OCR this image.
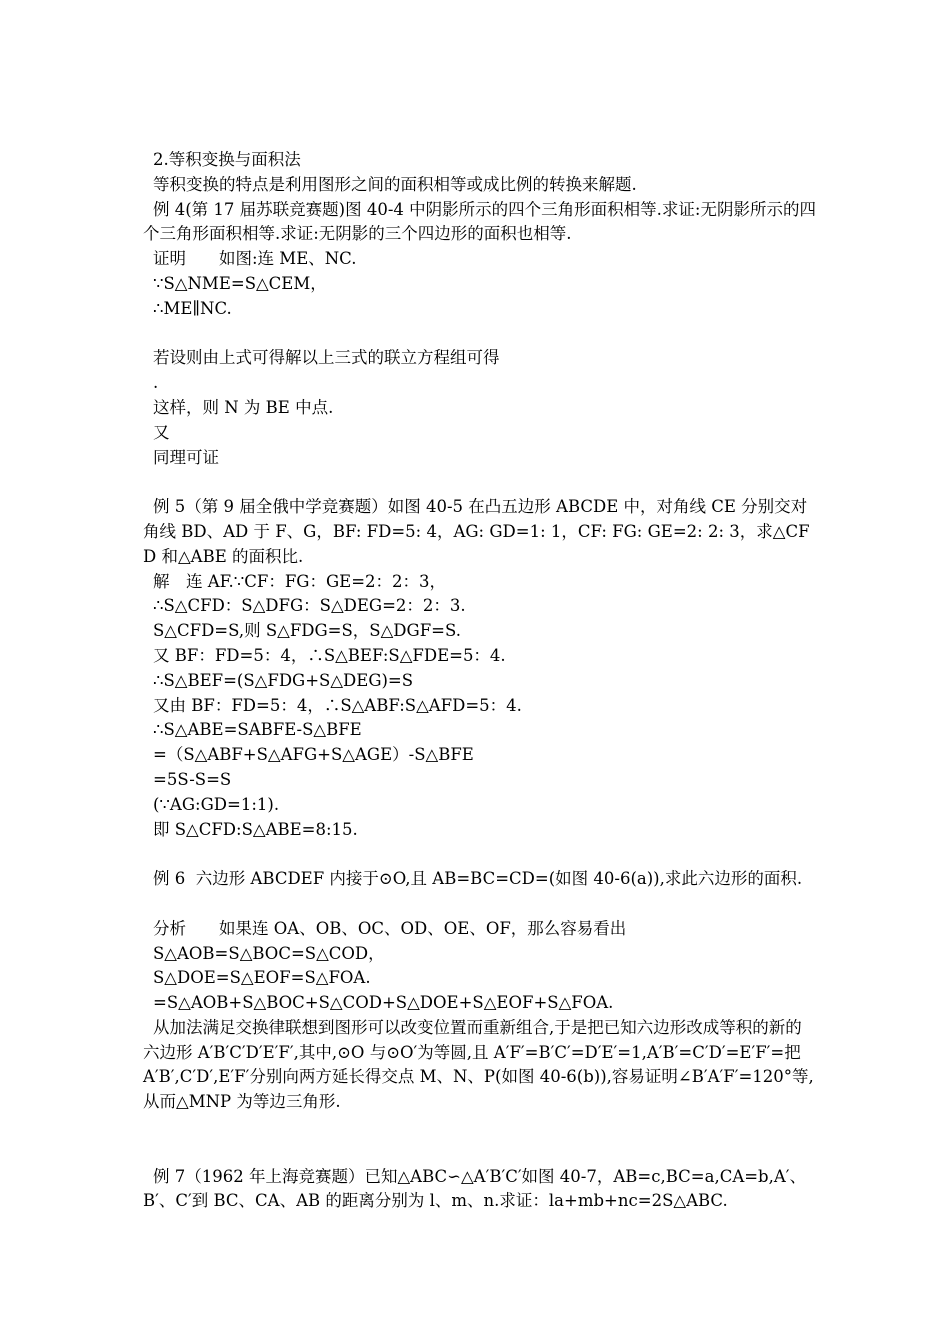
2.等积变换与面积法
等积变换的特点是利用图形之间的面积相等或成比例的转换来解题.
例 4(第 17 届苏联竞赛题)图 40-4 中阴影所示的四个三角形面积相等.求证:无阴影所示的四个三角形面积相等.求证:无阴影的三个四边形的面积也相等.
证明　　如图:连 ME、NC.
∵S△NME=S△CEM，
∴ME∥NC.
若设则由上式可得解以上三式的联立方程组可得
.
这样，则 N 为 BE 中点.
又
同理可证
例 5（第 9 届全俄中学竞赛题）如图 40-5 在凸五边形 ABCDE 中，对角线 CE 分别交对角线 BD、AD 于 F、G，BF: FD=5: 4，AG: GD=1: 1，CF: FG: GE=2: 2: 3，求△CFD 和△ABE 的面积比.
解　连 AF.∵CF：FG：GE=2：2：3，
∴S△CFD：S△DFG：S△DEG=2：2：3.
S△CFD=S,则 S△FDG=S，S△DGF=S.
又 BF：FD=5：4，∴S△BEF:S△FDE=5：4.
∴S△BEF=(S△FDG+S△DEG)=S
又由 BF：FD=5：4，∴S△ABF:S△AFD=5：4.
∴S△ABE=SABFE-S△BFE
=（S△ABF+S△AFG+S△AGE）-S△BFE
=5S-S=S
(∵AG:GD=1:1).
即 S△CFD:S△ABE=8:15.
例 6  六边形 ABCDEF 内接于⊙O,且 AB=BC=CD=(如图 40-6(a)),求此六边形的面积.
分析　　如果连 OA、OB、OC、OD、OE、OF，那么容易看出
S△AOB=S△BOC=S△COD，
S△DOE=S△EOF=S△FOA.
=S△AOB+S△BOC+S△COD+S△DOE+S△EOF+S△FOA.
从加法满足交换律联想到图形可以改变位置而重新组合,于是把已知六边形改成等积的新的六边形 A′B′C′D′E′F′,其中,⊙O 与⊙O′为等圆,且 A′F′=B′C′=D′E′=1,A′B′=C′D′=E′F′=把 A′B′,C′D′,E′F′分别向两方延长得交点 M、N、P(如图 40-6(b)),容易证明∠B′A′F′=120°等,从而△MNP 为等边三角形.
例 7（1962 年上海竞赛题）已知△ABC∽△A′B′C′如图 40-7，AB=c,BC=a,CA=b,A′、B′、C′到 BC、CA、AB 的距离分别为 l、m、n.求证：la+mb+nc=2S△ABC.
